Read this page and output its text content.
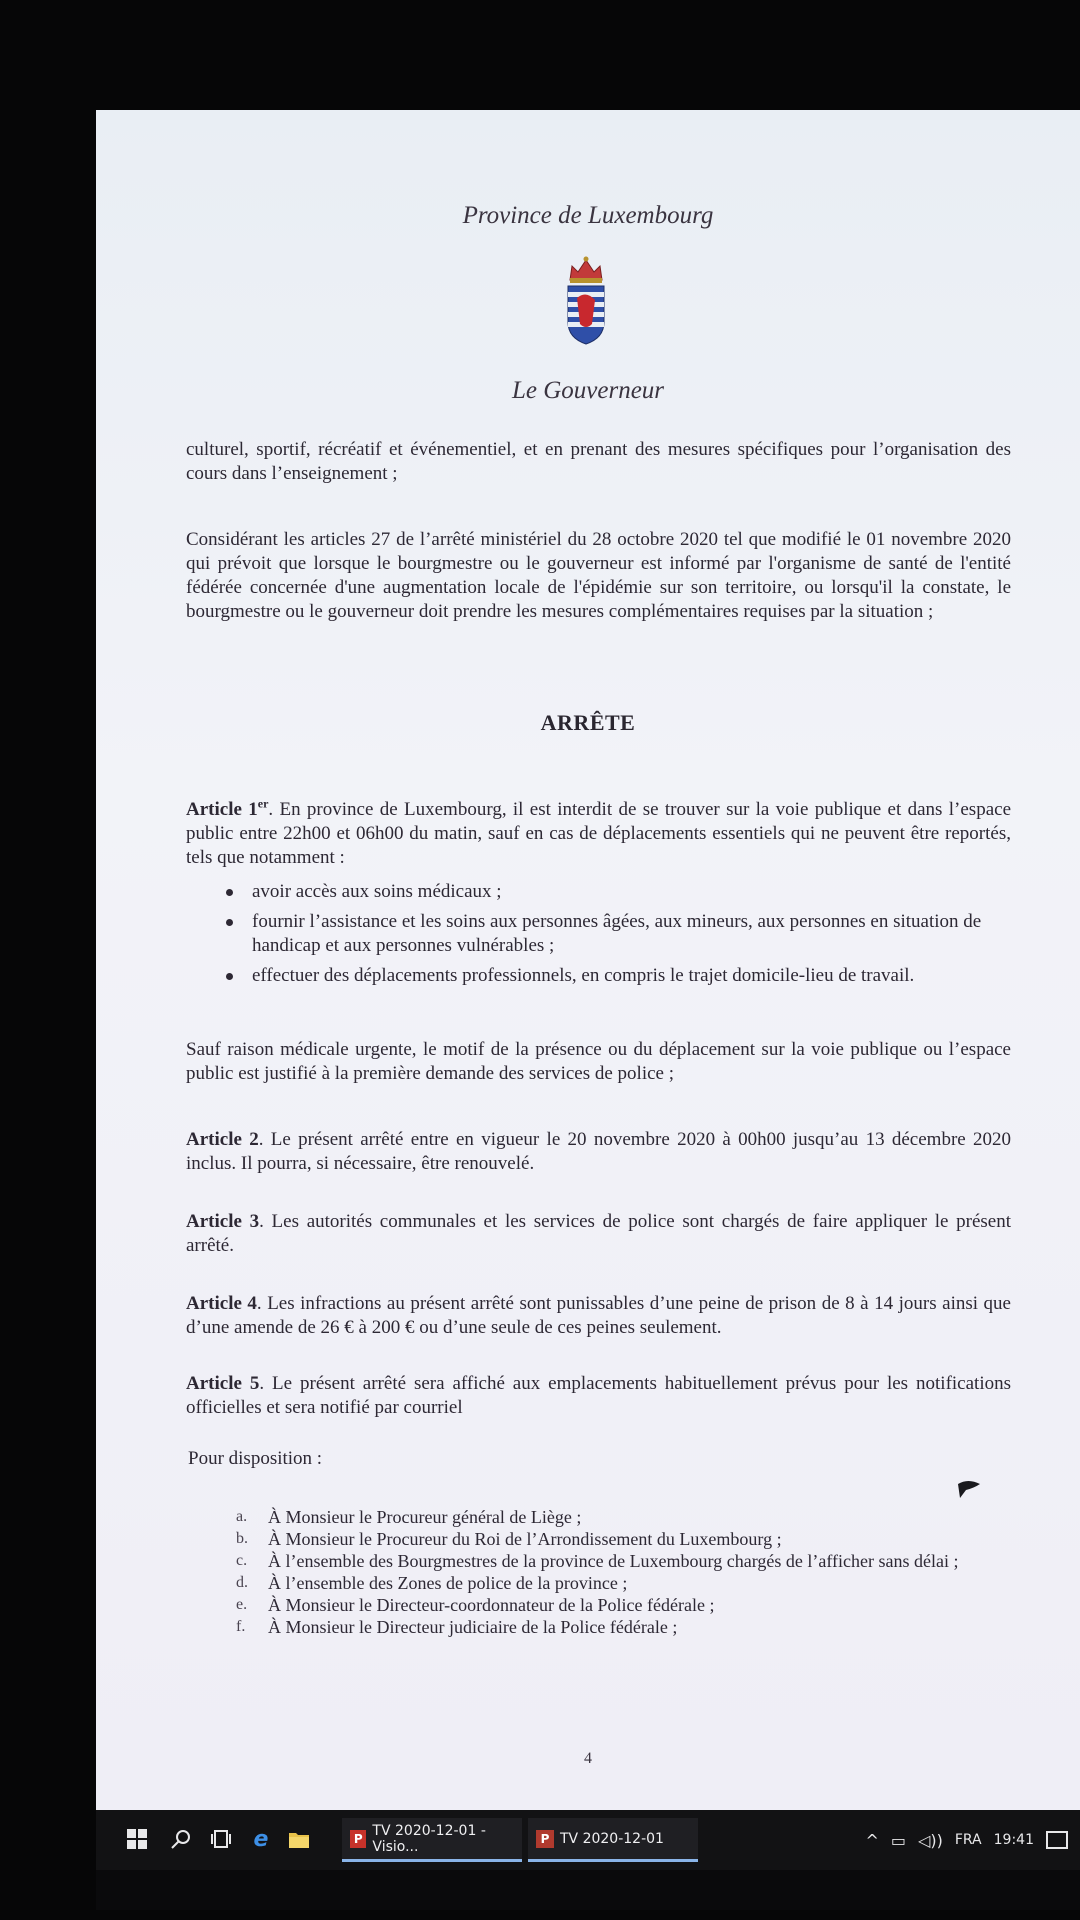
Province de Luxembourg
Le Gouverneur
culturel, sportif, récréatif et événementiel, et en prenant des mesures spécifiques pour l’organisation des cours dans l’enseignement ;
Considérant les articles 27 de l’arrêté ministériel du 28 octobre 2020 tel que modifié le 01 novembre 2020 qui prévoit que lorsque le bourgmestre ou le gouverneur est informé par l'organisme de santé de l'entité fédérée concernée d'une augmentation locale de l'épidémie sur son territoire, ou lorsqu'il la constate, le bourgmestre ou le gouverneur doit prendre les mesures complémentaires requises par la situation ;
ARRÊTE
Article 1er. En province de Luxembourg, il est interdit de se trouver sur la voie publique et dans l’espace public entre 22h00 et 06h00 du matin, sauf en cas de déplacements essentiels qui ne peuvent être reportés, tels que notamment :
avoir accès aux soins médicaux ;
fournir l’assistance et les soins aux personnes âgées, aux mineurs, aux personnes en situation de handicap et aux personnes vulnérables ;
effectuer des déplacements professionnels, en compris le trajet domicile-lieu de travail.
Sauf raison médicale urgente, le motif de la présence ou du déplacement sur la voie publique ou l’espace public est justifié à la première demande des services de police ;
Article 2. Le présent arrêté entre en vigueur le 20 novembre 2020 à 00h00 jusqu’au 13 décembre 2020 inclus. Il pourra, si nécessaire, être renouvelé.
Article 3. Les autorités communales et les services de police sont chargés de faire appliquer le présent arrêté.
Article 4. Les infractions au présent arrêté sont punissables d’une peine de prison de 8 à 14 jours ainsi que d’une amende de 26 € à 200 € ou d’une seule de ces peines seulement.
Article 5. Le présent arrêté sera affiché aux emplacements habituellement prévus pour les notifications officielles et sera notifié par courriel
Pour disposition :
a. À Monsieur le Procureur général de Liège ;
b. À Monsieur le Procureur du Roi de l’Arrondissement du Luxembourg ;
c. À l’ensemble des Bourgmestres de la province de Luxembourg chargés de l’afficher sans délai ;
d. À l’ensemble des Zones de police de la province ;
e. À Monsieur le Directeur-coordonnateur de la Police fédérale ;
f. À Monsieur le Directeur judiciaire de la Police fédérale ;
4
e	P TV 2020-12-01 - Visio...	P TV 2020-12-01	^ ▭ ◁)) FRA 19:41
